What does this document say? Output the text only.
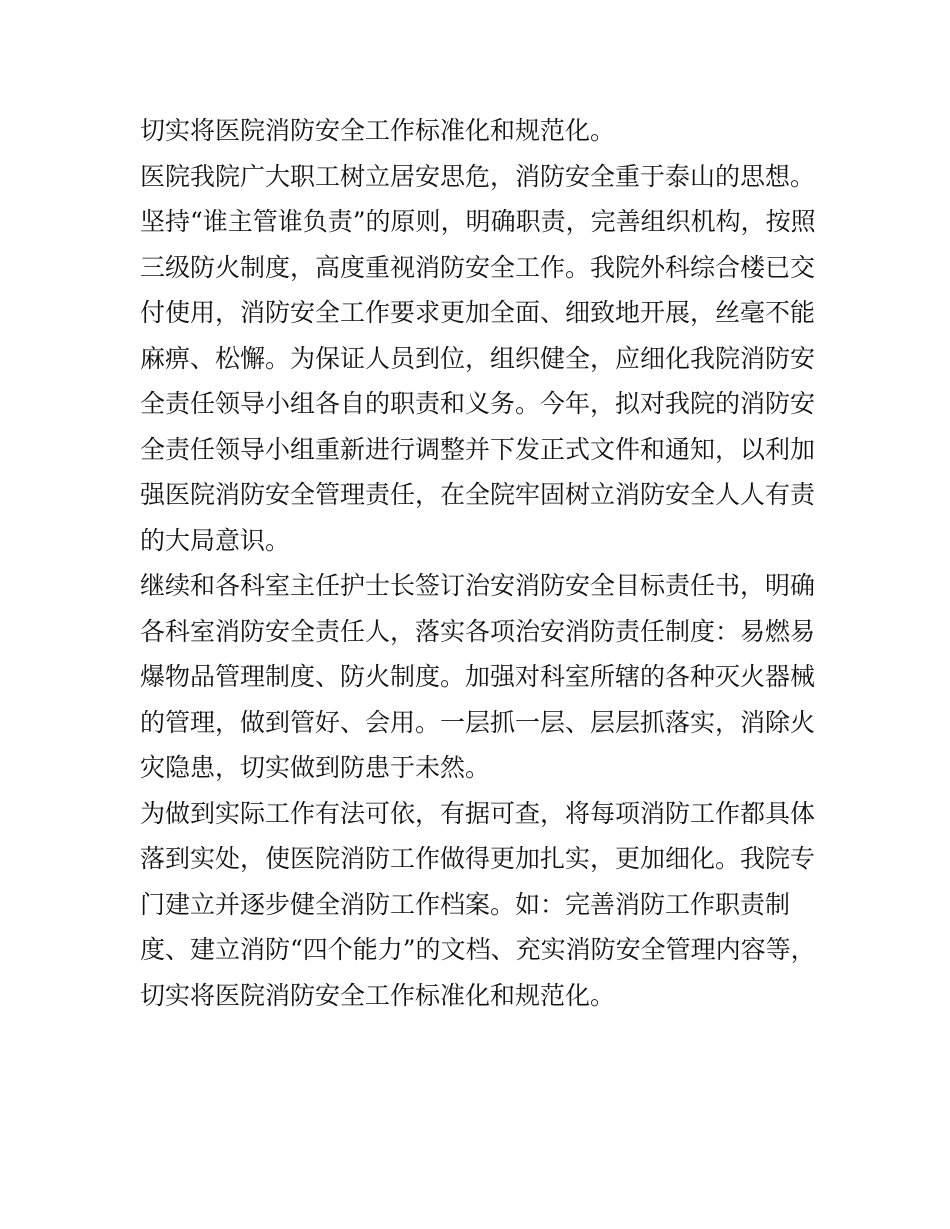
切实将医院消防安全工作标准化和规范化。

医院我院广大职工树立居安思危，消防安全重于泰山的思想。
坚持“谁主管谁负责”的原则，明确职责，完善组织机构，按照
三级防火制度，高度重视消防安全工作。我院外科综合楼已交
付使用，消防安全工作要求更加全面、细致地开展，丝毫不能
麻痹、松懈。为保证人员到位，组织健全，应细化我院消防安
全责任领导小组各自的职责和义务。今年，拟对我院的消防安
全责任领导小组重新进行调整并下发正式文件和通知，以利加
强医院消防安全管理责任，在全院牢固树立消防安全人人有责
的大局意识。

继续和各科室主任护士长签订治安消防安全目标责任书，明确
各科室消防安全责任人，落实各项治安消防责任制度：易燃易
爆物品管理制度、防火制度。加强对科室所辖的各种灭火器械
的管理，做到管好、会用。一层抓一层、层层抓落实，消除火
灾隐患，切实做到防患于未然。

为做到实际工作有法可依，有据可查，将每项消防工作都具体
落到实处，使医院消防工作做得更加扎实，更加细化。我院专
门建立并逐步健全消防工作档案。如：完善消防工作职责制
度、建立消防“四个能力”的文档、充实消防安全管理内容等，
切实将医院消防安全工作标准化和规范化。
